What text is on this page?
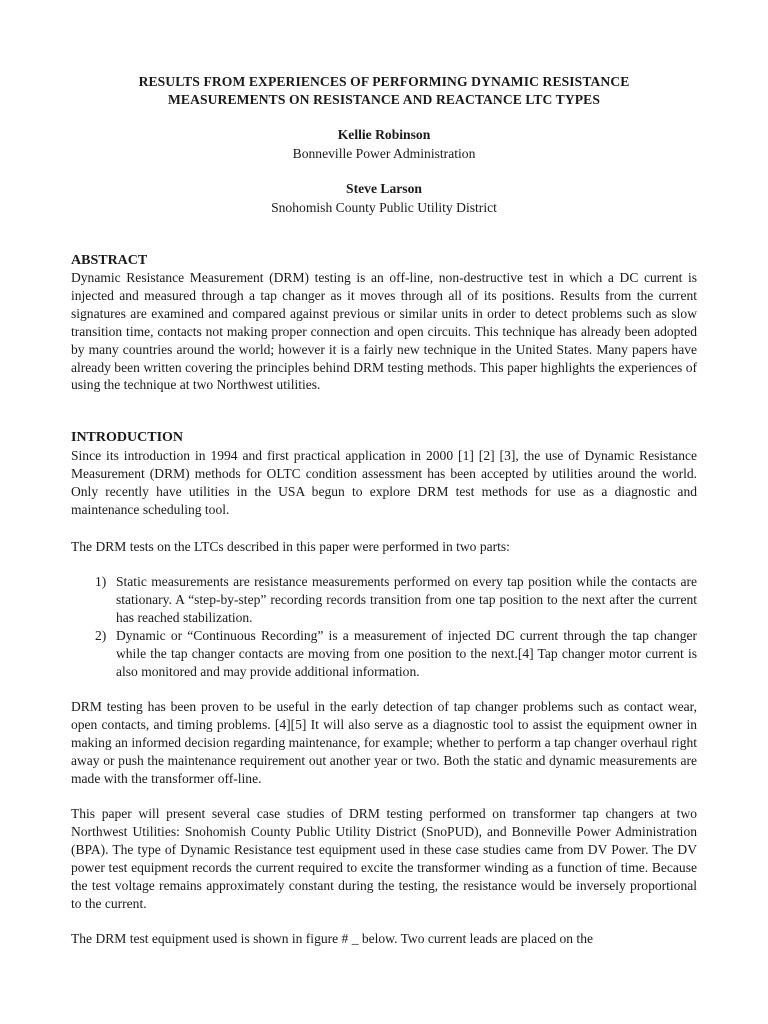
RESULTS FROM EXPERIENCES OF PERFORMING DYNAMIC RESISTANCE
MEASUREMENTS ON RESISTANCE AND REACTANCE LTC TYPES
Kellie Robinson
Bonneville Power Administration
Steve Larson
Snohomish County Public Utility District
ABSTRACT

Dynamic Resistance Measurement (DRM) testing is an off-line, non-destructive test in which a DC current is injected and measured through a tap changer as it moves through all of its positions. Results from the current signatures are examined and compared against previous or similar units in order to detect problems such as slow transition time, contacts not making proper connection and open circuits. This technique has already been adopted by many countries around the world; however it is a fairly new technique in the United States. Many papers have already been written covering the principles behind DRM testing methods. This paper highlights the experiences of using the technique at two Northwest utilities.

INTRODUCTION

Since its introduction in 1994 and first practical application in 2000 [1] [2] [3], the use of Dynamic Resistance Measurement (DRM) methods for OLTC condition assessment has been accepted by utilities around the world. Only recently have utilities in the USA begun to explore DRM test methods for use as a diagnostic and maintenance scheduling tool.

The DRM tests on the LTCs described in this paper were performed in two parts:

1) Static measurements are resistance measurements performed on every tap position while the contacts are stationary. A “step-by-step” recording records transition from one tap position to the next after the current has reached stabilization.
2) Dynamic or “Continuous Recording” is a measurement of injected DC current through the tap changer while the tap changer contacts are moving from one position to the next.[4] Tap changer motor current is also monitored and may provide additional information.

DRM testing has been proven to be useful in the early detection of tap changer problems such as contact wear, open contacts, and timing problems. [4][5] It will also serve as a diagnostic tool to assist the equipment owner in making an informed decision regarding maintenance, for example; whether to perform a tap changer overhaul right away or push the maintenance requirement out another year or two. Both the static and dynamic measurements are made with the transformer off-line.

This paper will present several case studies of DRM testing performed on transformer tap changers at two Northwest Utilities: Snohomish County Public Utility District (SnoPUD), and Bonneville Power Administration (BPA). The type of Dynamic Resistance test equipment used in these case studies came from DV Power. The DV power test equipment records the current required to excite the transformer winding as a function of time. Because the test voltage remains approximately constant during the testing, the resistance would be inversely proportional to the current.

The DRM test equipment used is shown in figure # _ below. Two current leads are placed on the
